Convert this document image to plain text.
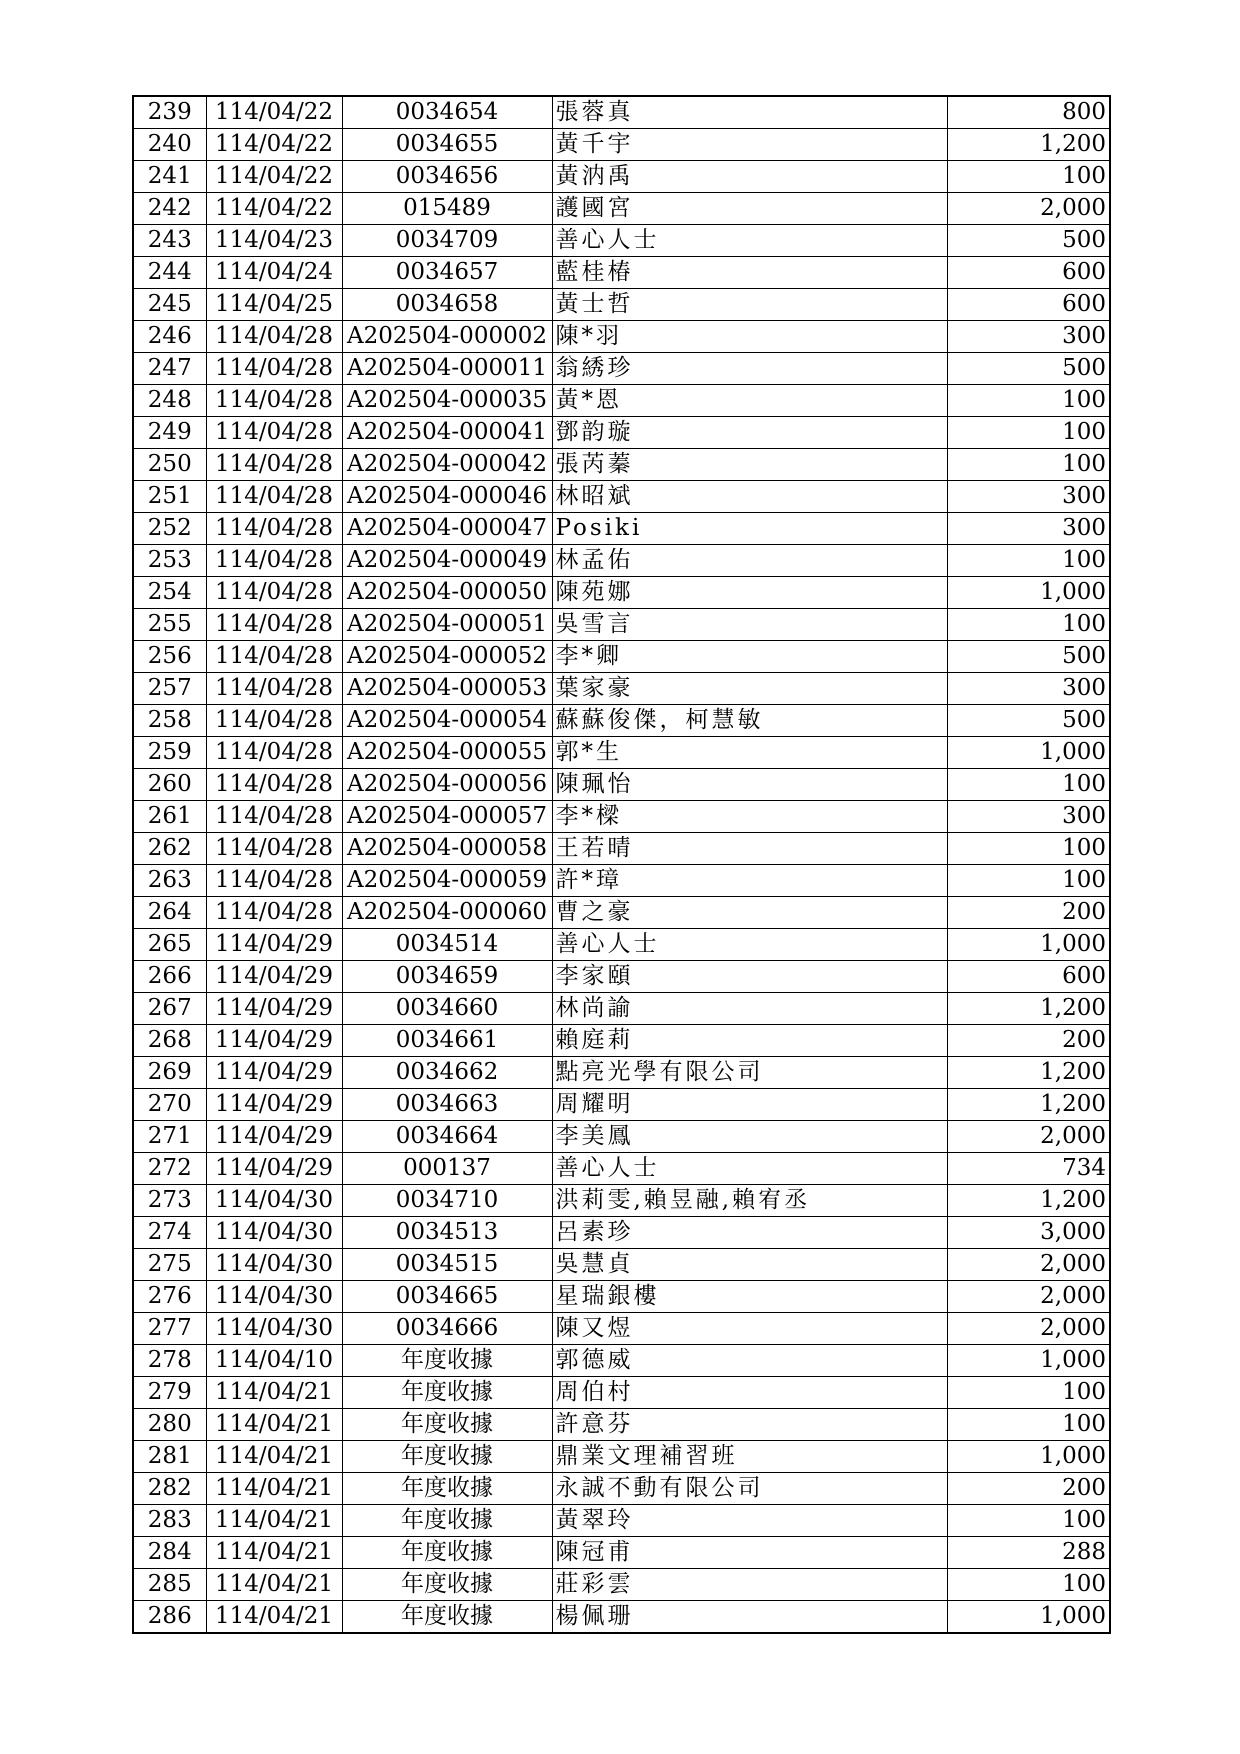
239	114/04/22	0034654	張蓉真	800
240	114/04/22	0034655	黃千宇	1,200
241	114/04/22	0034656	黃汭禹	100
242	114/04/22	015489	護國宮	2,000
243	114/04/23	0034709	善心人士	500
244	114/04/24	0034657	藍桂椿	600
245	114/04/25	0034658	黃士哲	600
246	114/04/28	A202504-000002	陳*羽	300
247	114/04/28	A202504-000011	翁綉珍	500
248	114/04/28	A202504-000035	黃*恩	100
249	114/04/28	A202504-000041	鄧韵璇	100
250	114/04/28	A202504-000042	張芮蓁	100
251	114/04/28	A202504-000046	林昭斌	300
252	114/04/28	A202504-000047	Posiki	300
253	114/04/28	A202504-000049	林孟佑	100
254	114/04/28	A202504-000050	陳苑娜	1,000
255	114/04/28	A202504-000051	吳雪言	100
256	114/04/28	A202504-000052	李*卿	500
257	114/04/28	A202504-000053	葉家豪	300
258	114/04/28	A202504-000054	蘇蘇俊傑，柯慧敏	500
259	114/04/28	A202504-000055	郭*生	1,000
260	114/04/28	A202504-000056	陳珮怡	100
261	114/04/28	A202504-000057	李*樑	300
262	114/04/28	A202504-000058	王若晴	100
263	114/04/28	A202504-000059	許*璋	100
264	114/04/28	A202504-000060	曹之豪	200
265	114/04/29	0034514	善心人士	1,000
266	114/04/29	0034659	李家頤	600
267	114/04/29	0034660	林尚諭	1,200
268	114/04/29	0034661	賴庭莉	200
269	114/04/29	0034662	點亮光學有限公司	1,200
270	114/04/29	0034663	周耀明	1,200
271	114/04/29	0034664	李美鳳	2,000
272	114/04/29	000137	善心人士	734
273	114/04/30	0034710	洪莉雯,賴昱融,賴宥丞	1,200
274	114/04/30	0034513	呂素珍	3,000
275	114/04/30	0034515	吳慧貞	2,000
276	114/04/30	0034665	星瑞銀樓	2,000
277	114/04/30	0034666	陳又煜	2,000
278	114/04/10	年度收據	郭德威	1,000
279	114/04/21	年度收據	周伯村	100
280	114/04/21	年度收據	許意芬	100
281	114/04/21	年度收據	鼎業文理補習班	1,000
282	114/04/21	年度收據	永誠不動有限公司	200
283	114/04/21	年度收據	黃翠玲	100
284	114/04/21	年度收據	陳冠甫	288
285	114/04/21	年度收據	莊彩雲	100
286	114/04/21	年度收據	楊佩珊	1,000
